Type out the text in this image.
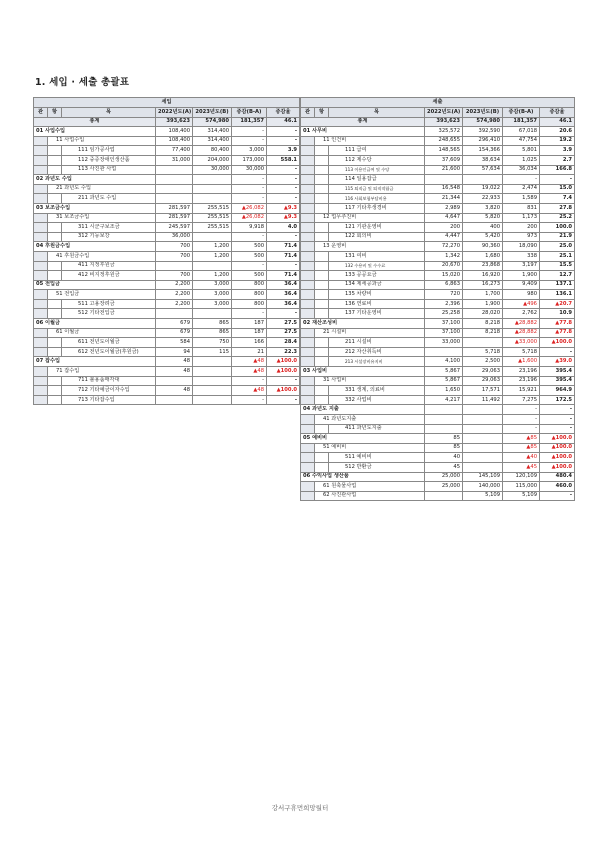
1. 세입 · 세출 총괄표
세입						
관	항	목	2022년도(A)	2023년도(B)	증감(B-A)	증감율
총계			393,623	574,980	181,357	46.1
01 사업수입			108,400	314,400	-	-
	11 사업수입		108,400	314,400	-	-
		111 임가공사업	77,400	80,400	3,000	3.9
		112 중증장애인생산품	31,000	204,000	173,000	558.1
		113 사진관 사업		30,000	30,000	-
02 과년도 수입					-	-
	21 과년도 수입				-	-
		211 과년도 수입			-	-
03 보조금수입			281,597	255,515	▲26,082	▲9.3
	31 보조금수입		281,597	255,515	▲26,082	▲9.3
		311 시군구보조금	245,597	255,515	9,918	4.0
		312 기능보강	36,000		-	-
04 후원금수입			700	1,200	500	71.4
	41 후원금수입		700	1,200	500	71.4
		411 지정후원금			-	-
		412 비지정후원금	700	1,200	500	71.4
05 전입금			2,200	3,000	800	36.4
	51 전입금		2,200	3,000	800	36.4
		511 고용장려금	2,200	3,000	800	36.4
		512 기타전입금			-	-
06 이월금			679	865	187	27.5
	61 이월금		679	865	187	27.5
		611 전년도이월금	584	750	166	28.4
		612 전년도이월금(후원금)	94	115	21	22.3
07 잡수입			48		▲48	▲100.0
	71 잡수입		48		▲48	▲100.0
		711 불용품매각대			-	-
		712 기타예금이자수입	48		▲48	▲100.0
		713 기타잡수입			-	-
세출						
관	항	목	2022년도(A)	2023년도(B)	증감(B-A)	증감율
총계			393,623	574,980	181,357	46.1
01 사무비			325,572	392,590	67,018	20.6
	11 인건비		248,655	296,410	47,754	19.2
		111 급여	148,565	154,366	5,801	3.9
		112 제수당	37,609	38,634	1,025	2.7
		113 이용인급여 및 수당	21,600	57,634	36,034	166.8
		114 일용잡급			-	-
		115 퇴직금 및 퇴직적립금	16,548	19,022	2,474	15.0
		116 사회보험부담비용	21,344	22,933	1,589	7.4
		117 기타후생경비	2,989	3,820	831	27.8
	12 업무추진비		4,647	5,820	1,173	25.2
		121 기관운영비	200	400	200	100.0
		122 회의비	4,447	5,420	973	21.9
	13 운영비		72,270	90,360	18,090	25.0
		131 여비	1,342	1,680	338	25.1
		132 수용비 및 수수료	20,670	23,868	3,197	15.5
		133 공공요금	15,020	16,920	1,900	12.7
		134 제세공과금	6,863	16,273	9,409	137.1
		135 차량비	720	1,700	980	136.1
		136 연료비	2,396	1,900	▲496	▲20.7
		137 기타운영비	25,258	28,020	2,762	10.9
02 재산조성비			37,100	8,218	▲28,882	▲77.8
	21 시설비		37,100	8,218	▲28,882	▲77.8
		211 시설비	33,000		▲33,000	▲100.0
		212 자산취득비		5,718	5,718	-
		213 시설장비유지비	4,100	2,500	▲1,600	▲39.0
03 사업비			5,867	29,063	23,196	395.4
	31 사업비		5,867	29,063	23,196	395.4
		331 생계, 의료비	1,650	17,571	15,921	964.9
		332 사업비	4,217	11,492	7,275	172.5
04 과년도 지출					-	-
	41 과년도지출				-	-
		411 과년도지출			-	-
05 예비비			85		▲85	▲100.0
	51 예비비		85		▲85	▲100.0
		511 예비비	40		▲40	▲100.0
		512 반환금	45		▲45	▲100.0
06 수익사업 생산품			25,000	145,109	120,109	480.4
	61 원축물사업		25,000	140,000	115,000	460.0
	62 사진관사업			5,109	5,109	-
강서구휴먼희망월터
